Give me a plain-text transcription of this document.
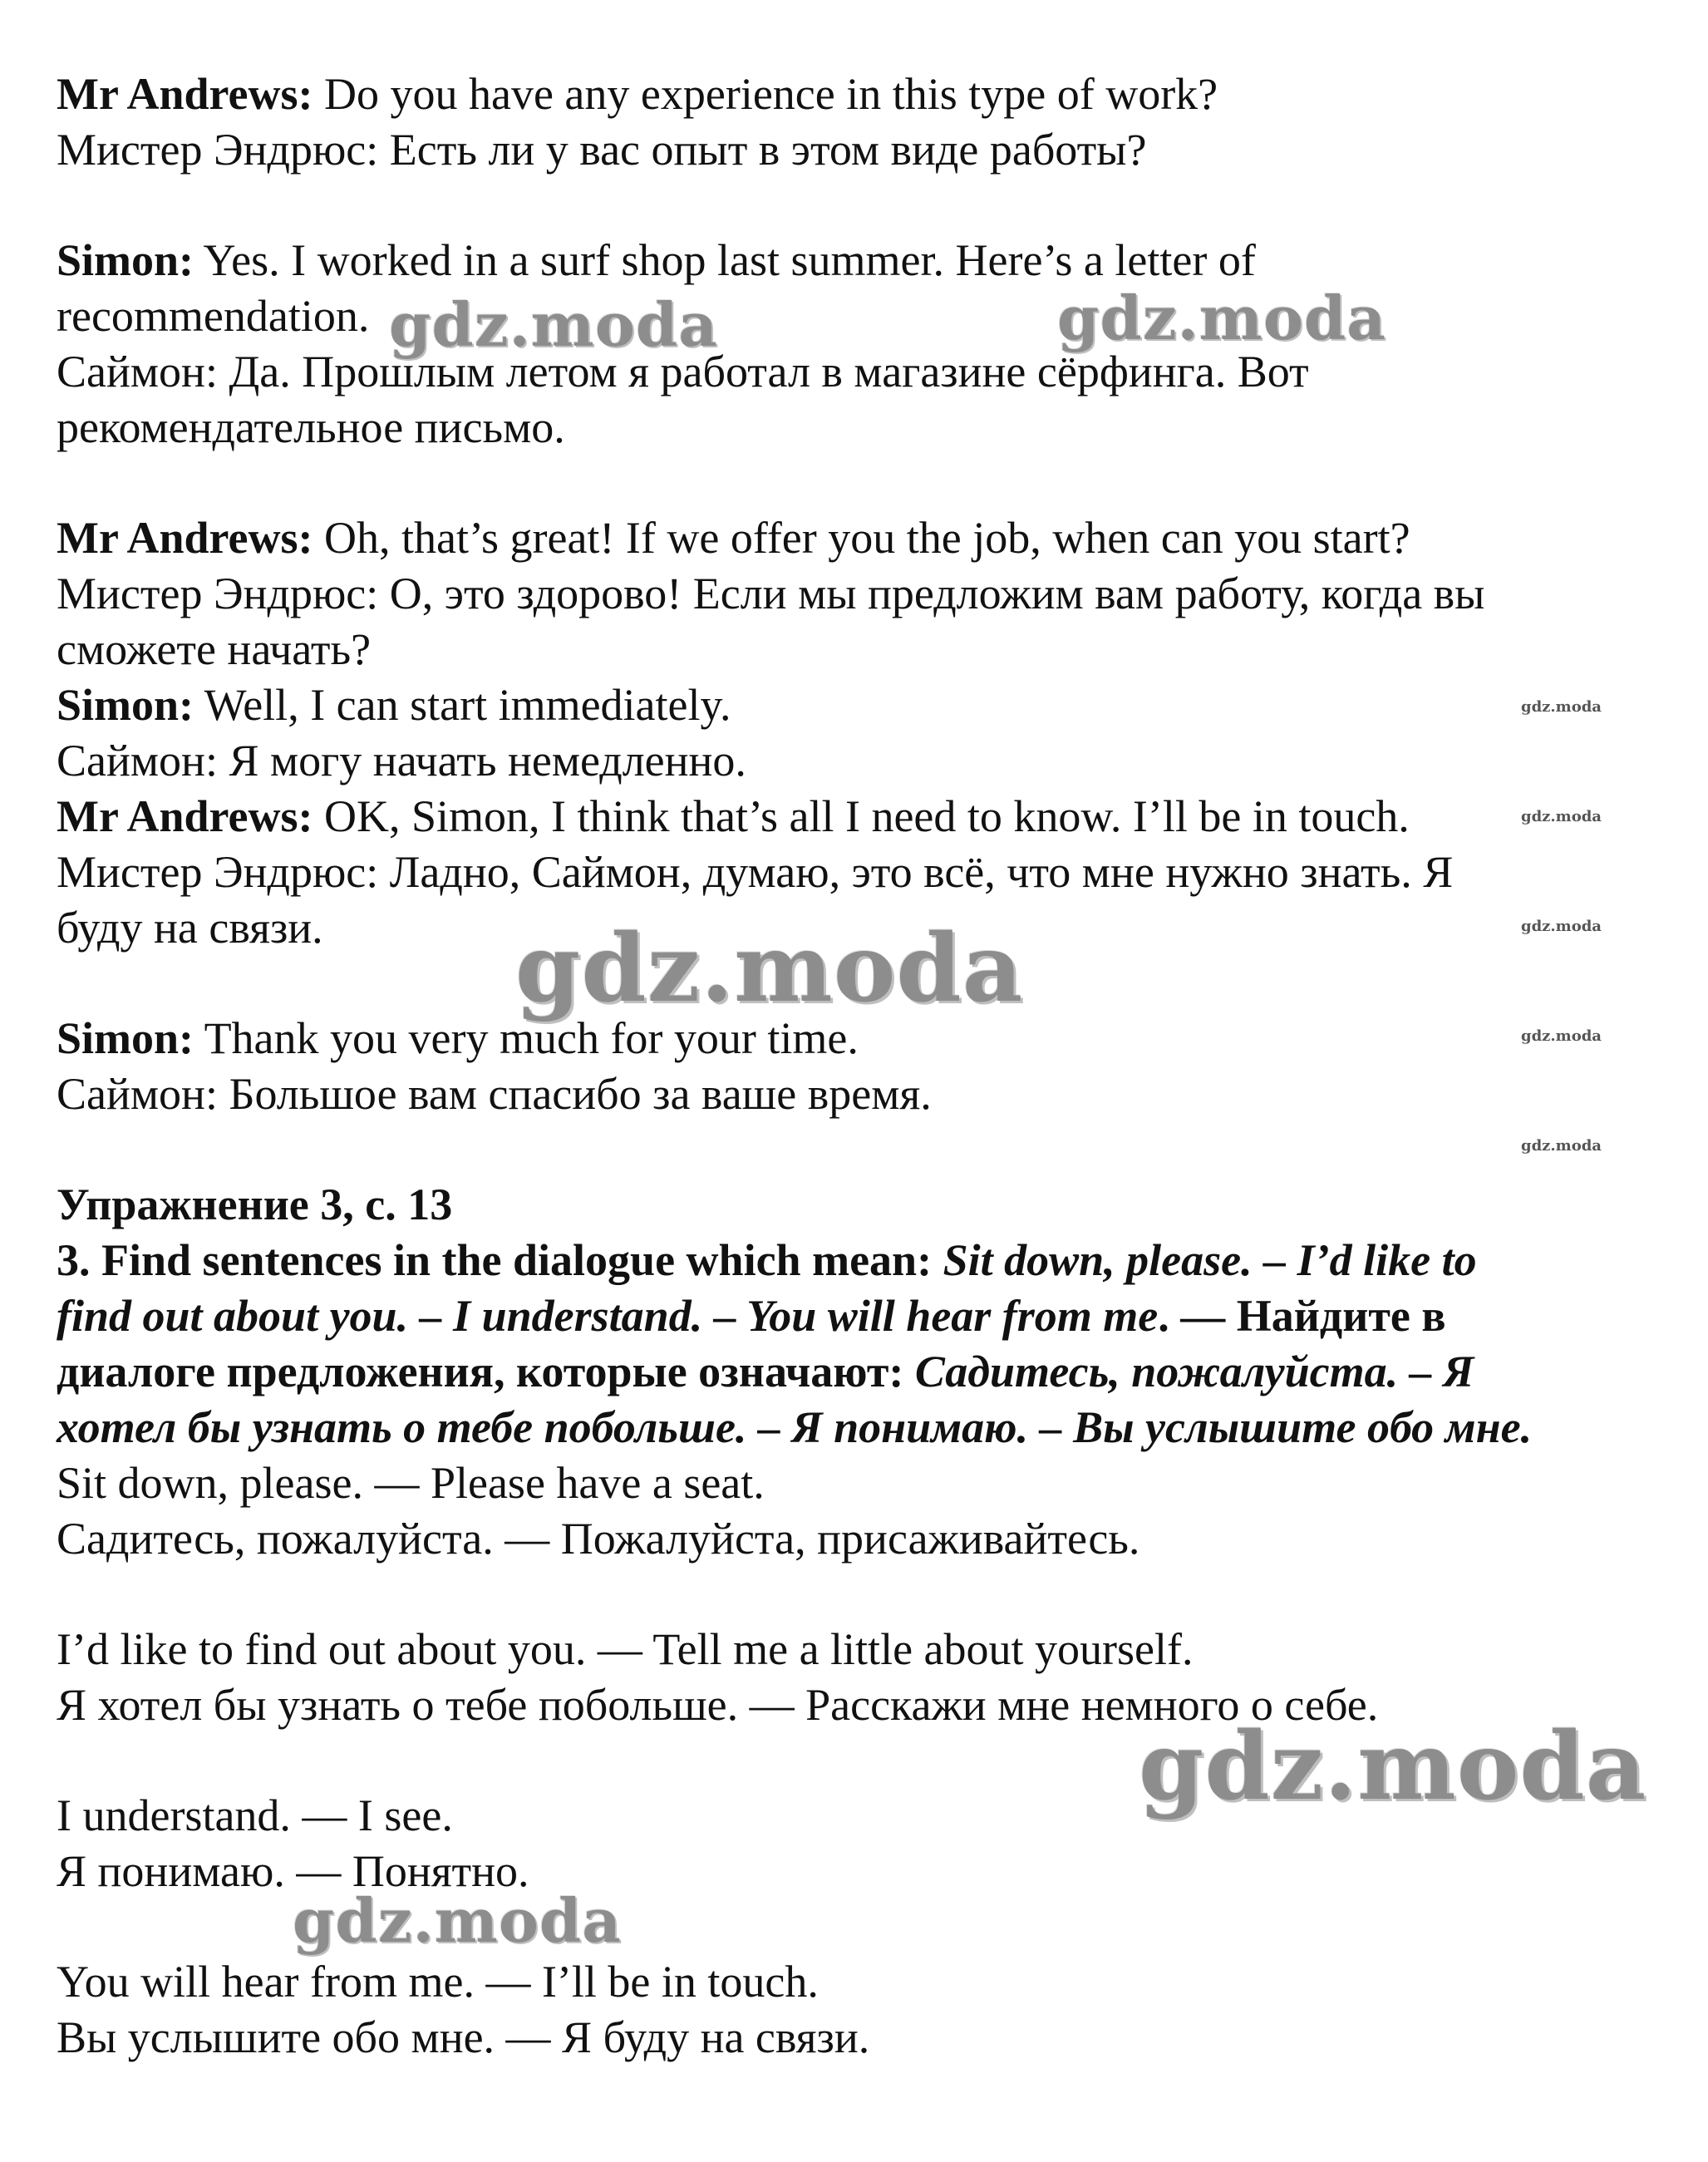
Mr Andrews: Do you have any experience in this type of work?
Мистер Эндрюс: Есть ли у вас опыт в этом виде работы?
Simon: Yes. I worked in a surf shop last summer. Here’s a letter of
recommendation.
Саймон: Да. Прошлым летом я работал в магазине сёрфинга. Вот
рекомендательное письмо.
Mr Andrews: Oh, that’s great! If we offer you the job, when can you start?
Мистер Эндрюс: О, это здорово! Если мы предложим вам работу, когда вы
сможете начать?
Simon: Well, I can start immediately.
Саймон: Я могу начать немедленно.
Mr Andrews: OK, Simon, I think that’s all I need to know. I’ll be in touch.
Мистер Эндрюс: Ладно, Саймон, думаю, это всё, что мне нужно знать. Я
буду на связи.
Simon: Thank you very much for your time.
Саймон: Большое вам спасибо за ваше время.
Упражнение 3, с. 13
3. Find sentences in the dialogue which mean: Sit down, please. – I’d like to
find out about you. – I understand. – You will hear from me. — Найдите в
диалоге предложения, которые означают: Садитесь, пожалуйста. – Я
хотел бы узнать о тебе побольше. – Я понимаю. – Вы услышите обо мне.
Sit down, please. — Please have a seat.
Садитесь, пожалуйста. — Пожалуйста, присаживайтесь.
I’d like to find out about you. — Tell me a little about yourself.
Я хотел бы узнать о тебе побольше. — Расскажи мне немного о себе.
I understand. — I see.
Я понимаю. — Понятно.
You will hear from me. — I’ll be in touch.
Вы услышите обо мне. — Я буду на связи.
gdz.moda	gdz.moda
gdz.moda
gdz.moda
gdz.moda
gdz.moda
gdz.moda
gdz.moda
gdz.moda
gdz.moda
